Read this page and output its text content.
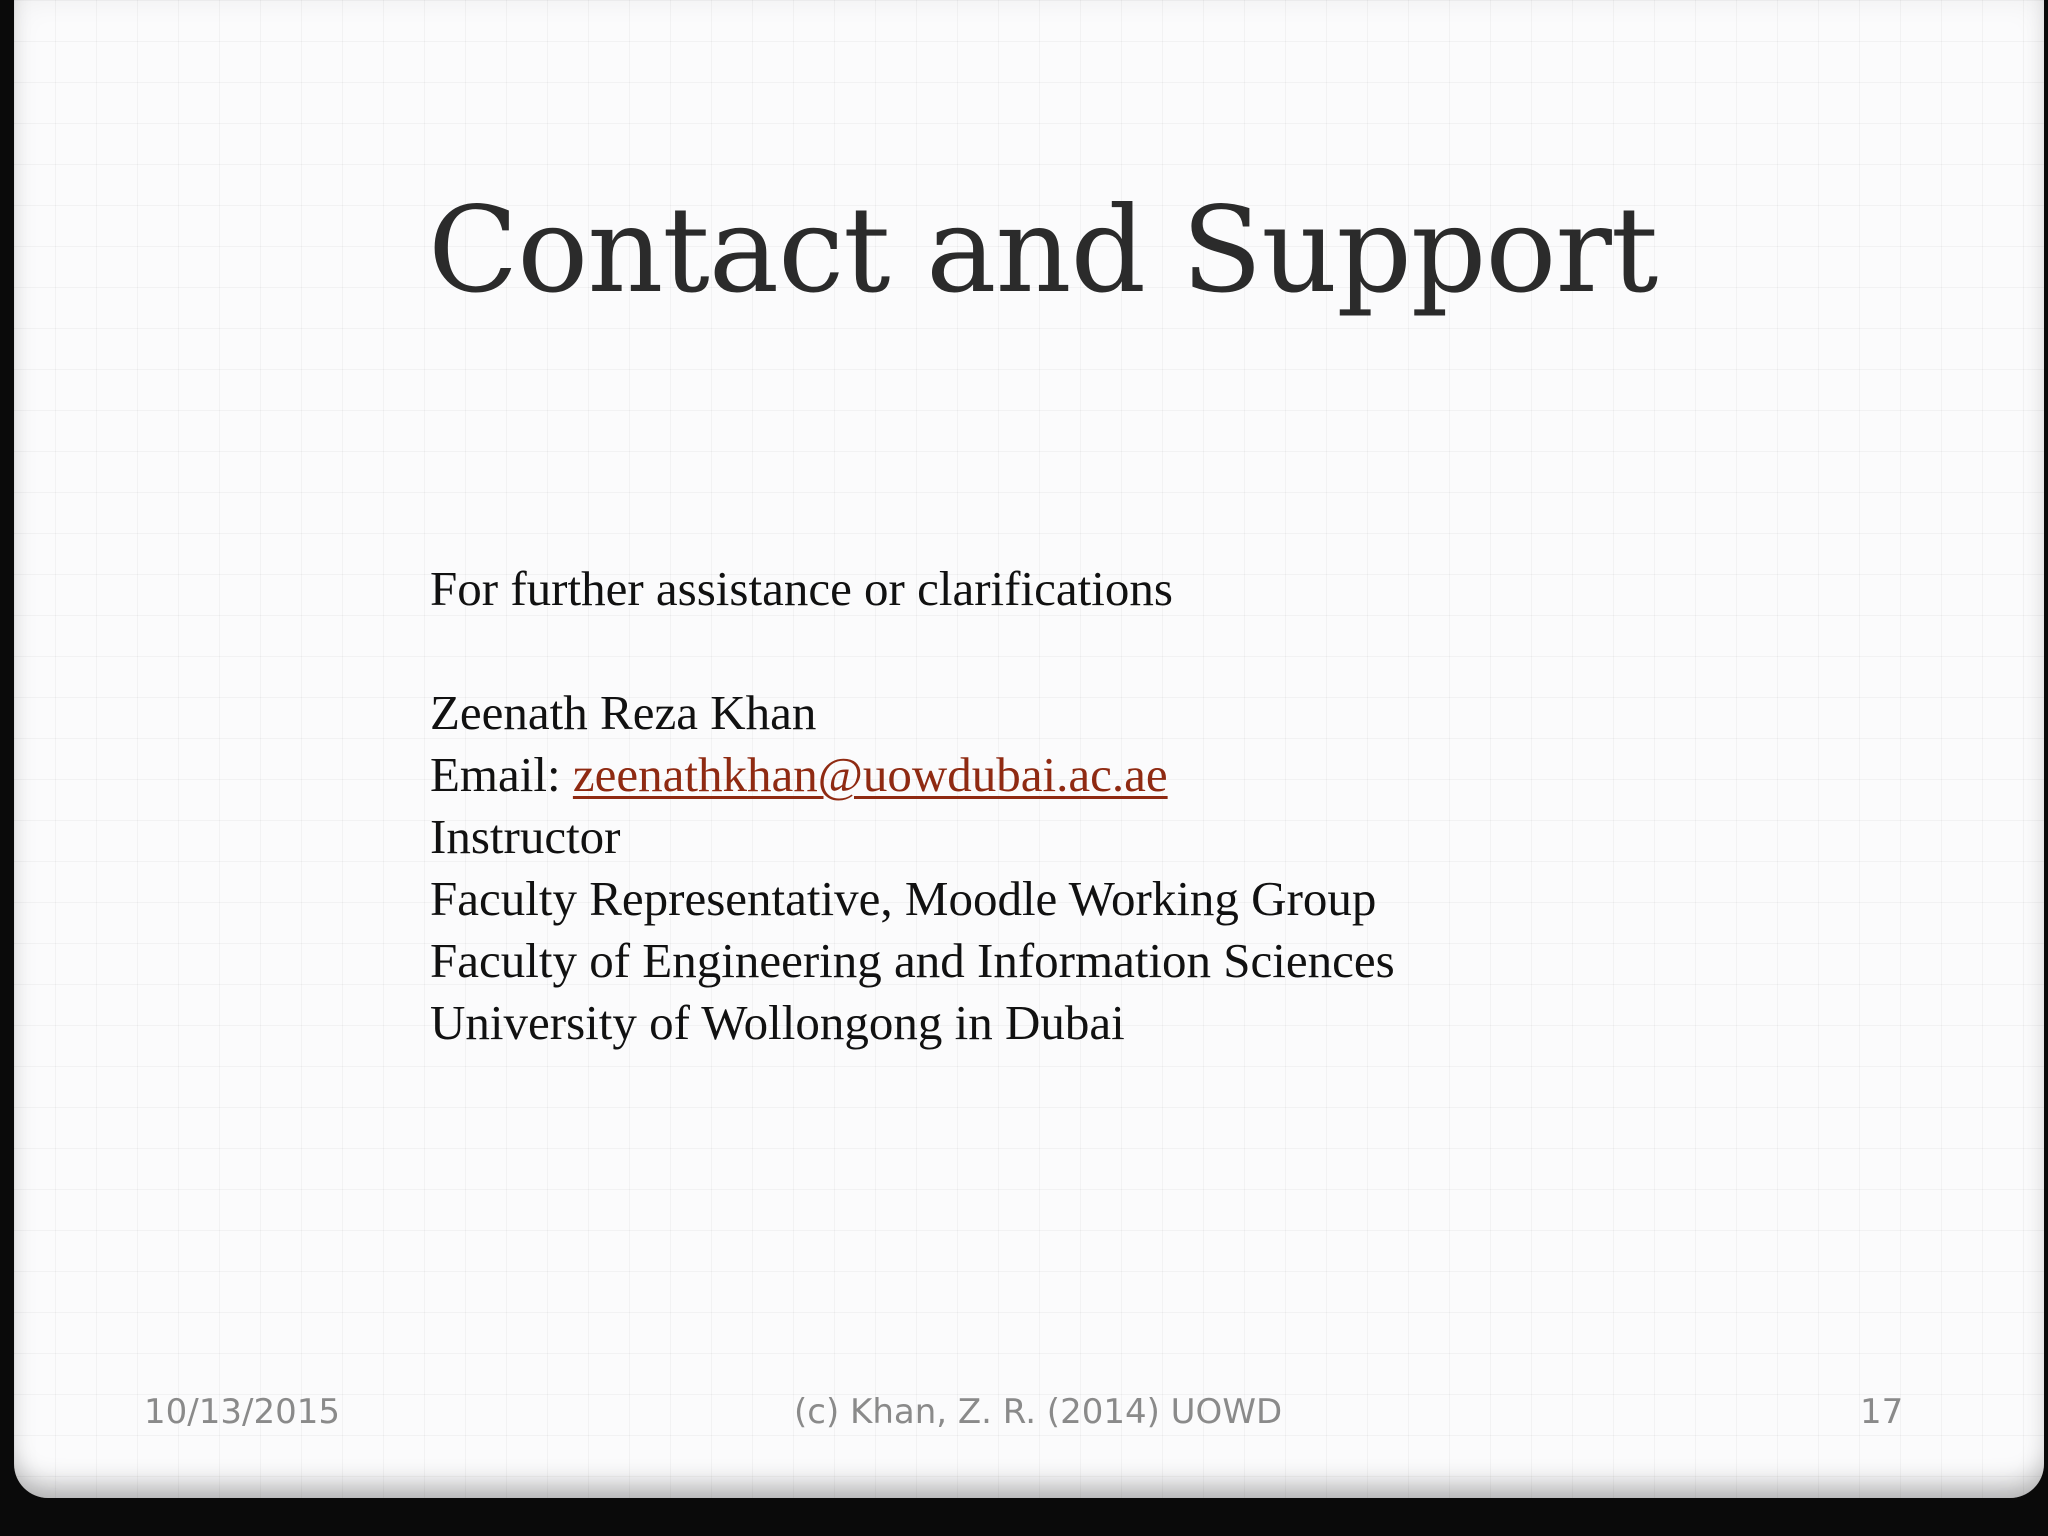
Contact and Support
For further assistance or clarifications
Zeenath Reza Khan
Email: zeenathkhan@uowdubai.ac.ae
Instructor
Faculty Representative, Moodle Working Group
Faculty of Engineering and Information Sciences
University of Wollongong in Dubai
10/13/2015	(c) Khan, Z. R. (2014) UOWD	17
